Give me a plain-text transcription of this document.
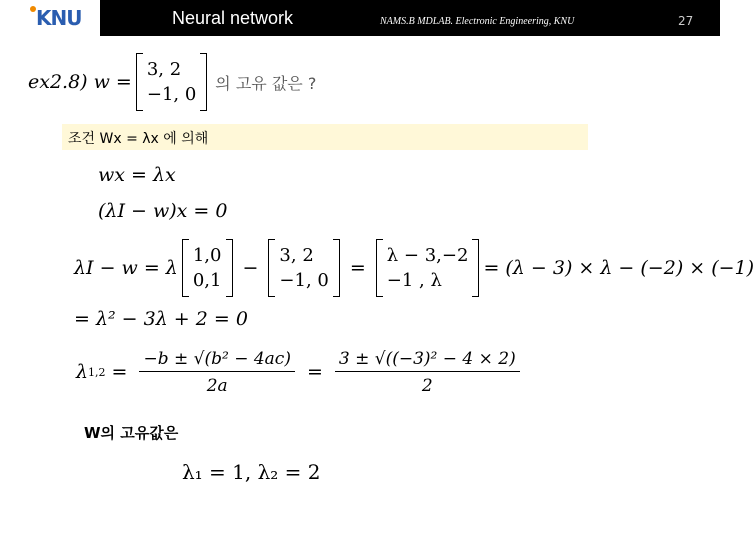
KNU	Neural network	NAMS.B MDLAB. Electronic Engineering, KNU	27
ex2.8) w =
3, 2
−1, 0
의 고유 값은 ?
조건 Wx = λx 에 의해
wx = λx
(λI − w)x = 0
λI − w = λ
1,0
0,1
−
3, 2
−1, 0
=
λ − 3,−2
−1 , λ
= (λ − 3) × λ − (−2) × (−1)
= λ² − 3λ + 2 = 0
λ $1,2 = \frac{\text{−b ± √(b² − 4ac)}}{2a} = \frac{\text{3 ± √((−3)² − 4 × 2)}}{2}$
W의 고유값은
λ₁ = 1, λ₂ = 2
